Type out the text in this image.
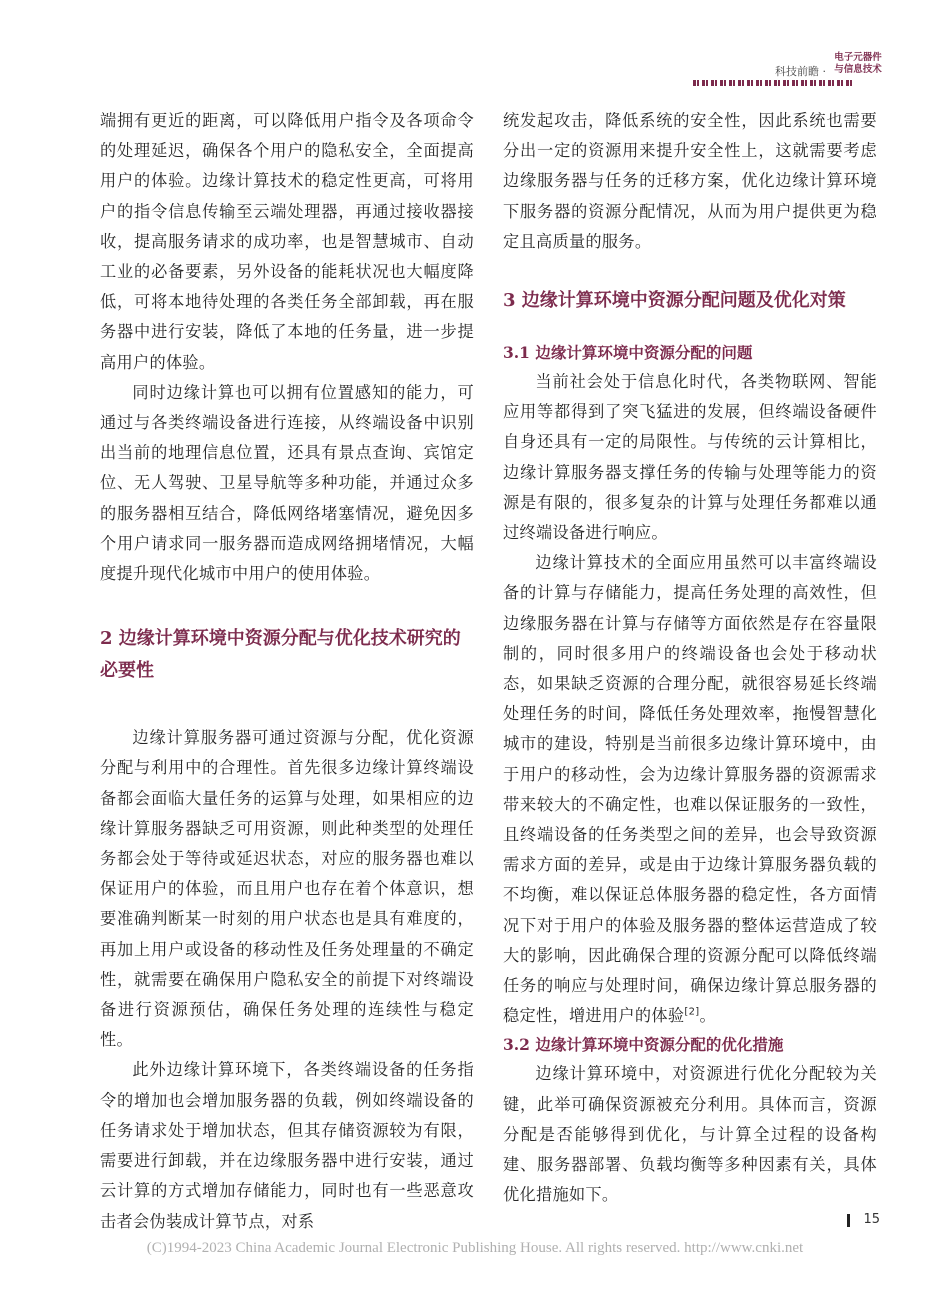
电子元器件
与信息技术
科技前瞻 ·

端拥有更近的距离，可以降低用户指令及各项命令的处理延迟，确保各个用户的隐私安全，全面提高用户的体验。边缘计算技术的稳定性更高，可将用户的指令信息传输至云端处理器，再通过接收器接收，提高服务请求的成功率，也是智慧城市、自动工业的必备要素，另外设备的能耗状况也大幅度降低，可将本地待处理的各类任务全部卸载，再在服务器中进行安装，降低了本地的任务量，进一步提高用户的体验。

同时边缘计算也可以拥有位置感知的能力，可通过与各类终端设备进行连接，从终端设备中识别出当前的地理信息位置，还具有景点查询、宾馆定位、无人驾驶、卫星导航等多种功能，并通过众多的服务器相互结合，降低网络堵塞情况，避免因多个用户请求同一服务器而造成网络拥堵情况，大幅度提升现代化城市中用户的使用体验。

2 边缘计算环境中资源分配与优化技术研究的必要性

边缘计算服务器可通过资源与分配，优化资源分配与利用中的合理性。首先很多边缘计算终端设备都会面临大量任务的运算与处理，如果相应的边缘计算服务器缺乏可用资源，则此种类型的处理任务都会处于等待或延迟状态，对应的服务器也难以保证用户的体验，而且用户也存在着个体意识，想要准确判断某一时刻的用户状态也是具有难度的，再加上用户或设备的移动性及任务处理量的不确定性，就需要在确保用户隐私安全的前提下对终端设备进行资源预估，确保任务处理的连续性与稳定性。

此外边缘计算环境下，各类终端设备的任务指令的增加也会增加服务器的负载，例如终端设备的任务请求处于增加状态，但其存储资源较为有限，需要进行卸载，并在边缘服务器中进行安装，通过云计算的方式增加存储能力，同时也有一些恶意攻击者会伪装成计算节点，对系

统发起攻击，降低系统的安全性，因此系统也需要分出一定的资源用来提升安全性上，这就需要考虑边缘服务器与任务的迁移方案，优化边缘计算环境下服务器的资源分配情况，从而为用户提供更为稳定且高质量的服务。

3 边缘计算环境中资源分配问题及优化对策

3.1 边缘计算环境中资源分配的问题

当前社会处于信息化时代，各类物联网、智能应用等都得到了突飞猛进的发展，但终端设备硬件自身还具有一定的局限性。与传统的云计算相比，边缘计算服务器支撑任务的传输与处理等能力的资源是有限的，很多复杂的计算与处理任务都难以通过终端设备进行响应。

边缘计算技术的全面应用虽然可以丰富终端设备的计算与存储能力，提高任务处理的高效性，但边缘服务器在计算与存储等方面依然是存在容量限制的，同时很多用户的终端设备也会处于移动状态，如果缺乏资源的合理分配，就很容易延长终端处理任务的时间，降低任务处理效率，拖慢智慧化城市的建设，特别是当前很多边缘计算环境中，由于用户的移动性，会为边缘计算服务器的资源需求带来较大的不确定性，也难以保证服务的一致性，且终端设备的任务类型之间的差异，也会导致资源需求方面的差异，或是由于边缘计算服务器负载的不均衡，难以保证总体服务器的稳定性，各方面情况下对于用户的体验及服务器的整体运营造成了较大的影响，因此确保合理的资源分配可以降低终端任务的响应与处理时间，确保边缘计算总服务器的稳定性，增进用户的体验[2]。

3.2 边缘计算环境中资源分配的优化措施

边缘计算环境中，对资源进行优化分配较为关键，此举可确保资源被充分利用。具体而言，资源分配是否能够得到优化，与计算全过程的设备构建、服务器部署、负载均衡等多种因素有关，具体优化措施如下。

15
(C)1994-2023 China Academic Journal Electronic Publishing House. All rights reserved. http://www.cnki.net
